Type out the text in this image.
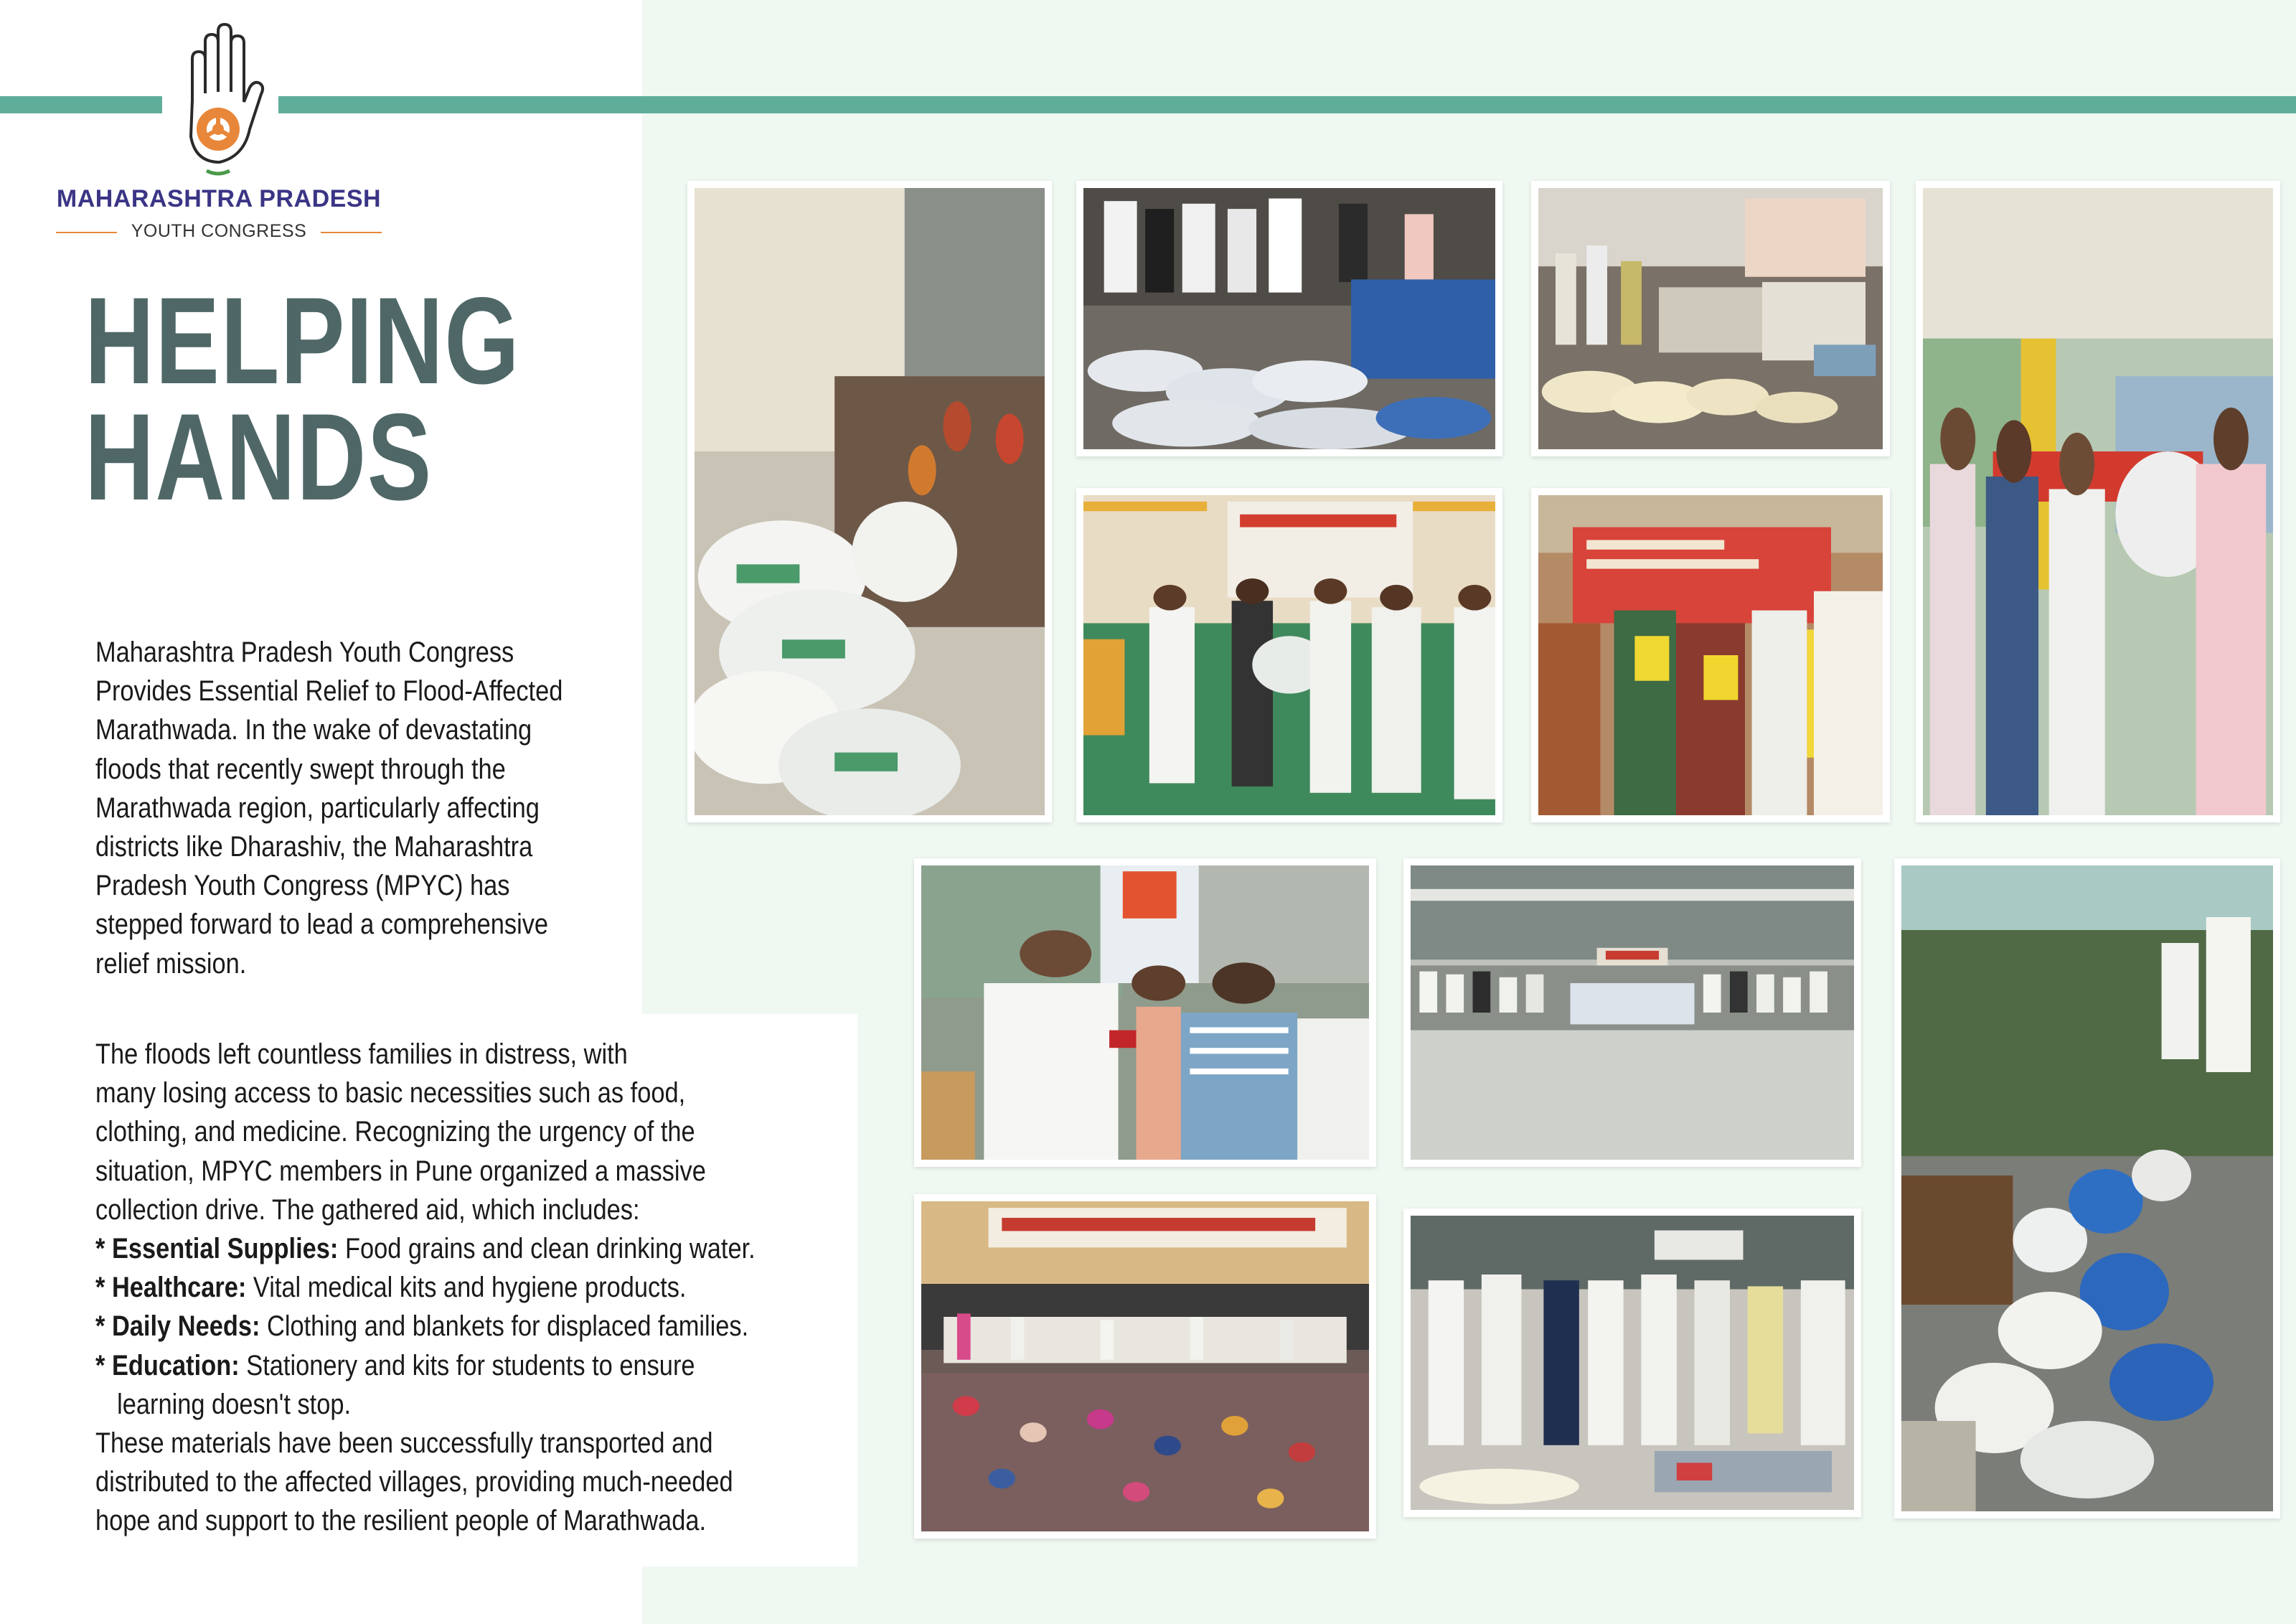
MAHARASHTRA PRADESH
YOUTH CONGRESS
HELPING
HANDS
Maharashtra Pradesh Youth Congress
Provides Essential Relief to Flood-Affected
Marathwada. In the wake of devastating
floods that recently swept through the
Marathwada region, particularly affecting
districts like Dharashiv, the Maharashtra
Pradesh Youth Congress (MPYC) has
stepped forward to lead a comprehensive
relief mission.
The floods left countless families in distress, with
many losing access to basic necessities such as food,
clothing, and medicine. Recognizing the urgency of the
situation, MPYC members in Pune organized a massive
collection drive. The gathered aid, which includes:
* Essential Supplies: Food grains and clean drinking water.
* Healthcare: Vital medical kits and hygiene products.
* Daily Needs: Clothing and blankets for displaced families.
* Education: Stationery and kits for students to ensure
learning doesn't stop.
These materials have been successfully transported and
distributed to the affected villages, providing much-needed
hope and support to the resilient people of Marathwada.
